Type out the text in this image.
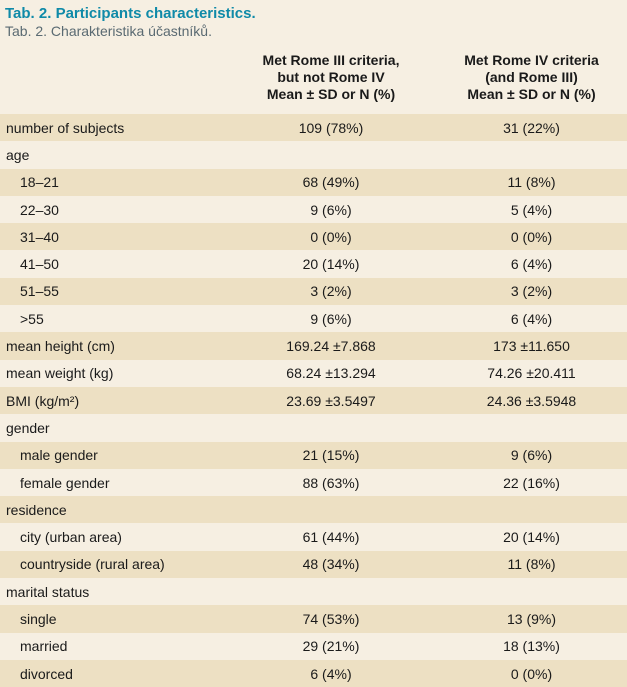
Tab. 2. Participants characteristics.
Tab. 2. Charakteristika účastníků.
Met Rome III criteria,
but not Rome IV
Mean ± SD or N (%)
Met Rome IV criteria
(and Rome III)
Mean ± SD or N (%)
number of subjects	109 (78%)	31 (22%)
age
18–21	68 (49%)	11 (8%)
22–30	9 (6%)	5 (4%)
31–40	0 (0%)	0 (0%)
41–50	20 (14%)	6 (4%)
51–55	3 (2%)	3 (2%)
>55	9 (6%)	6 (4%)
mean height (cm)	169.24 ±7.868	173 ±11.650
mean weight (kg)	68.24 ±13.294	74.26 ±20.411
BMI (kg/m²)	23.69 ±3.5497	24.36 ±3.5948
gender
male gender	21 (15%)	9 (6%)
female gender	88 (63%)	22 (16%)
residence
city (urban area)	61 (44%)	20 (14%)
countryside (rural area)	48 (34%)	11 (8%)
marital status
single	74 (53%)	13 (9%)
married	29 (21%)	18 (13%)
divorced	6 (4%)	0 (0%)
